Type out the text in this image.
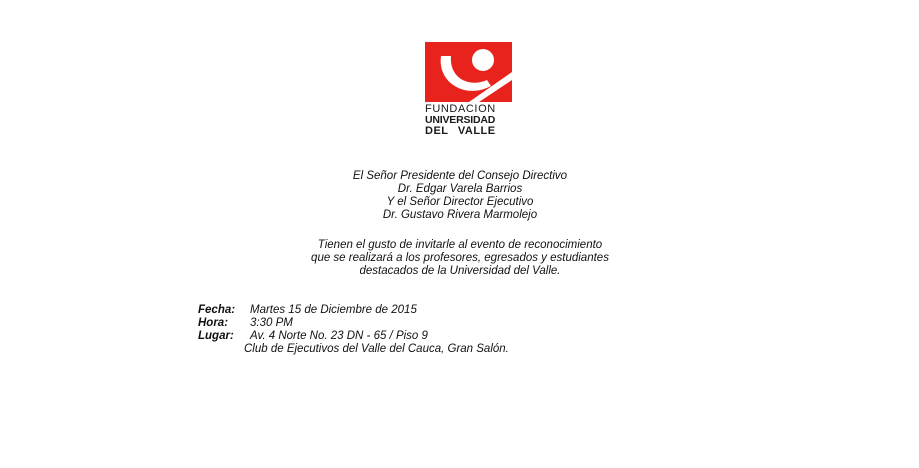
FUNDACION
UNIVERSIDAD
DEL VALLE

El Señor Presidente del Consejo Directivo
Dr. Edgar Varela Barrios
Y el Señor Director Ejecutivo
Dr. Gustavo Rivera Marmolejo

Tienen el gusto de invitarle al evento de reconocimiento
que se realizará a los profesores, egresados y estudiantes
destacados de la Universidad del Valle.

Fecha: Martes 15 de Diciembre de 2015
Hora: 3:30 PM
Lugar: Av. 4 Norte No. 23 DN - 65 / Piso 9
Club de Ejecutivos del Valle del Cauca, Gran Salón.
